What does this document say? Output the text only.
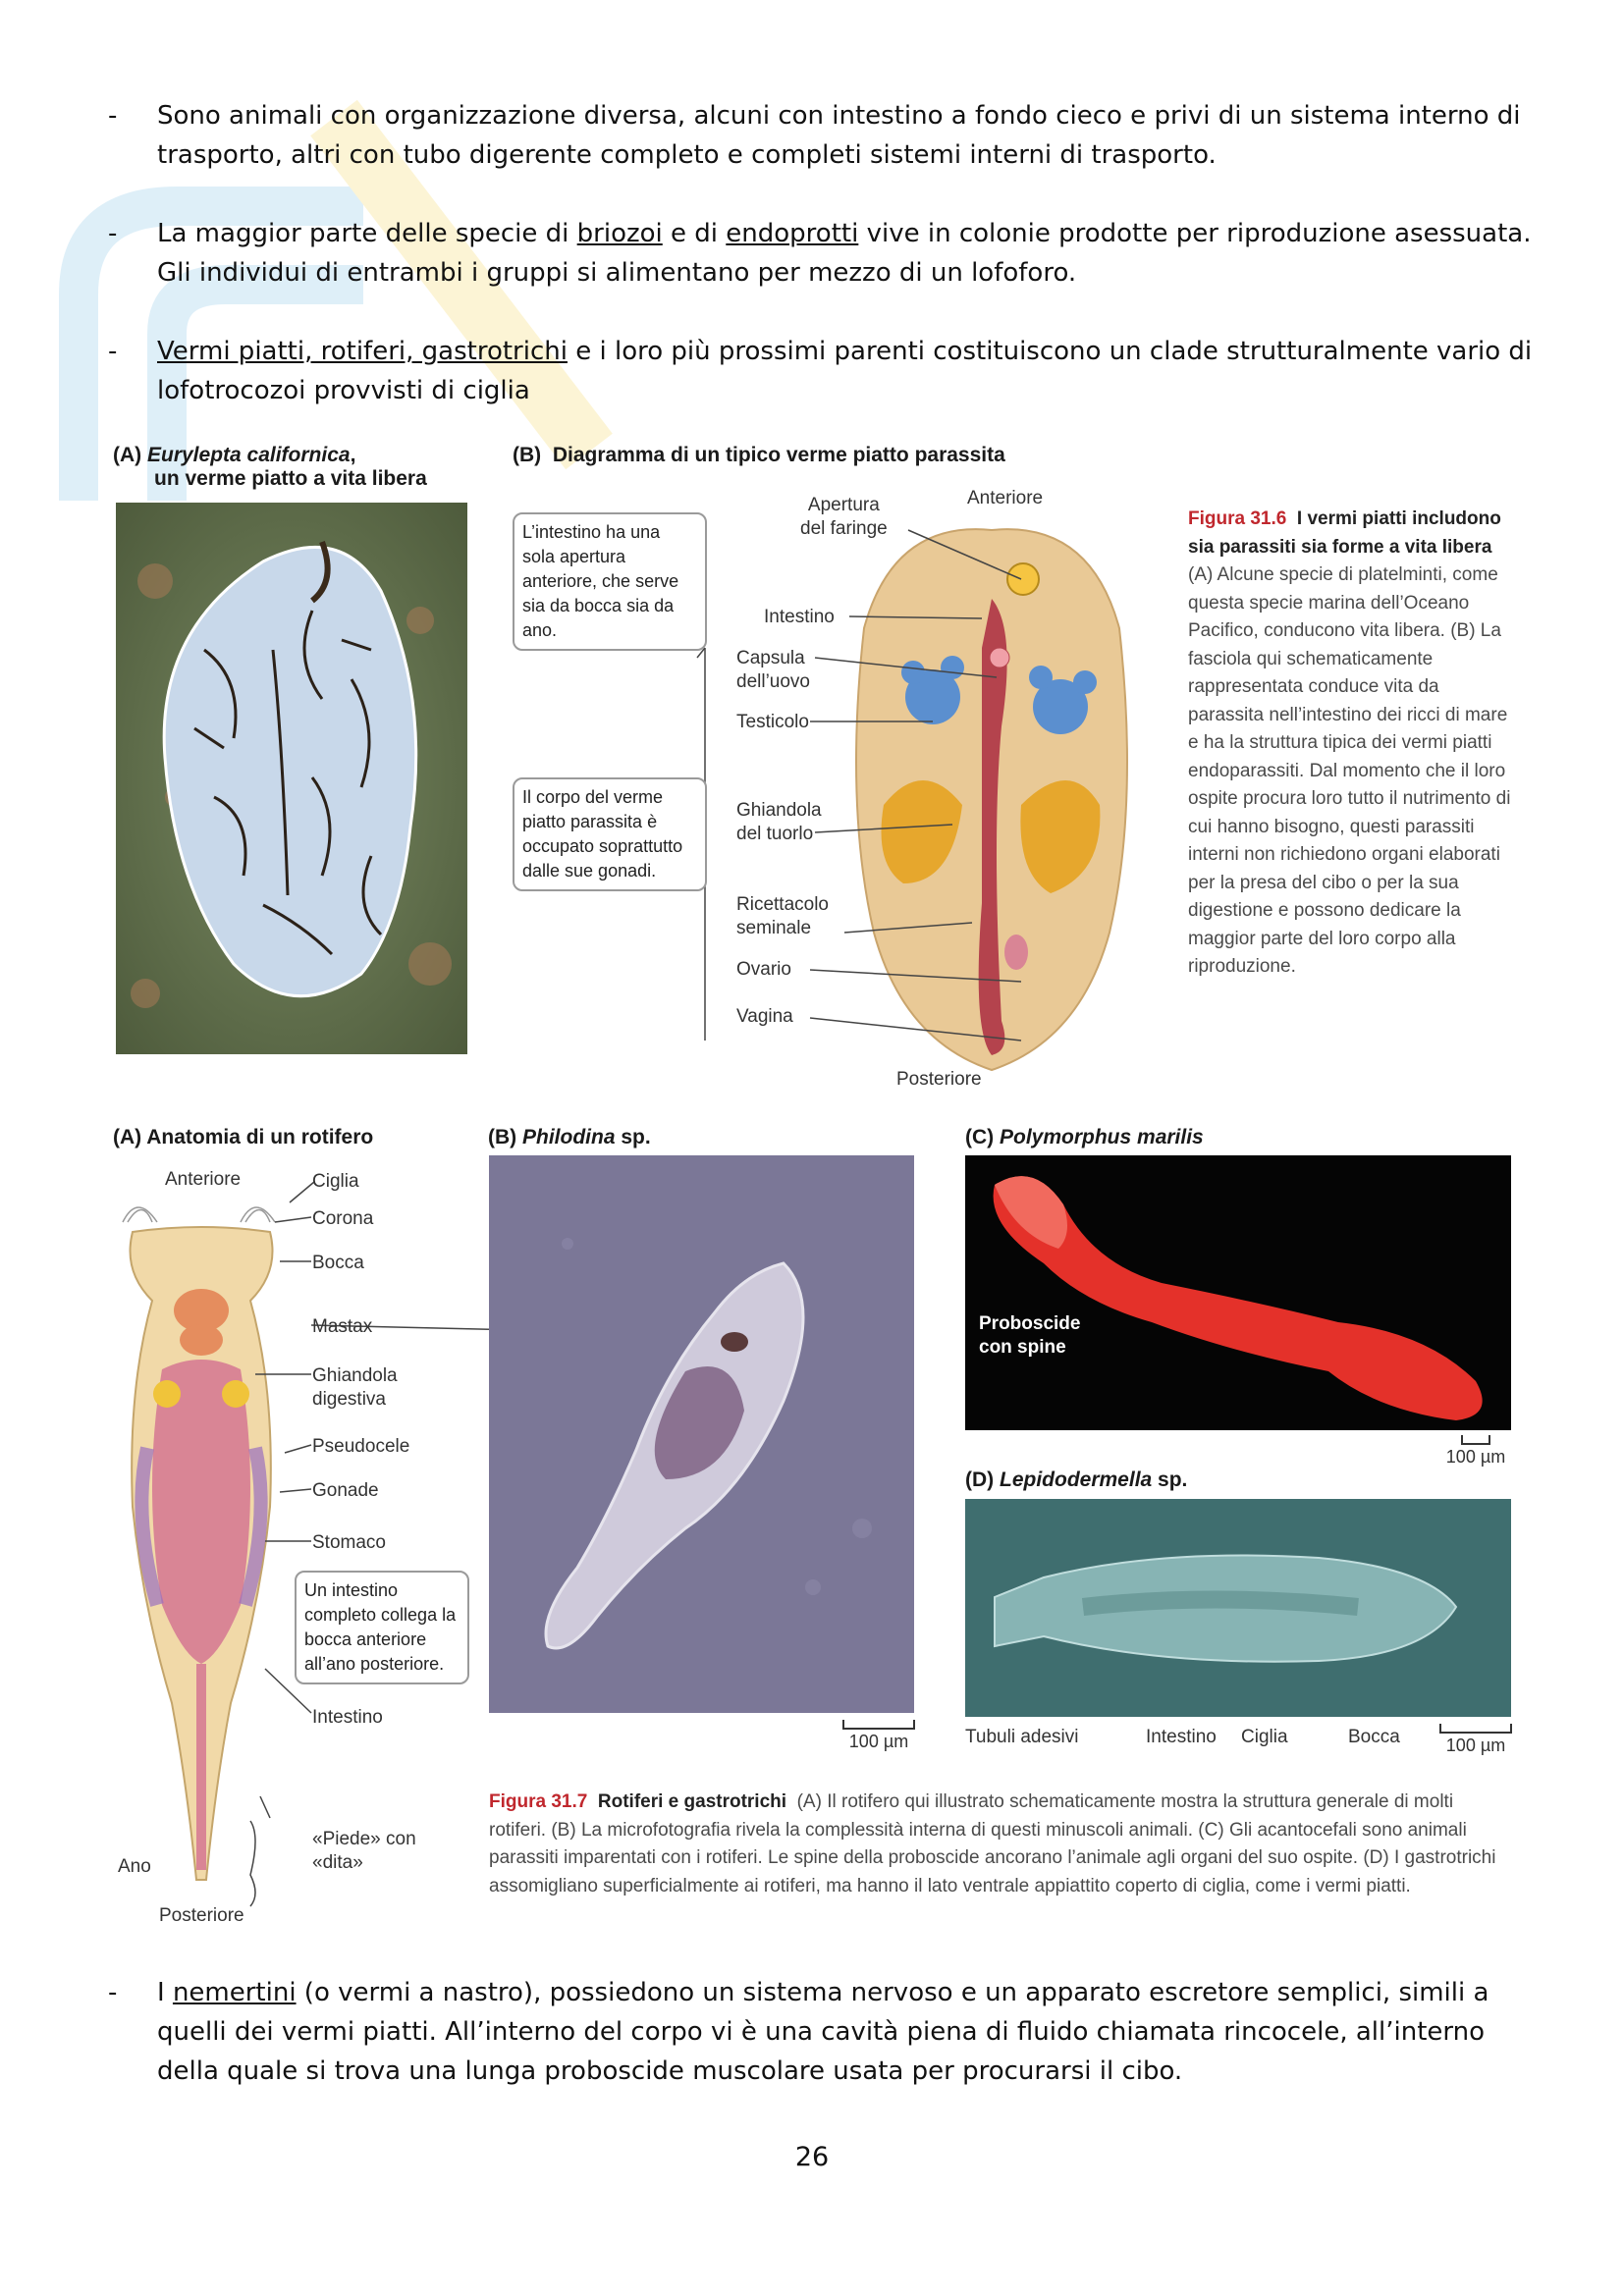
- Sono animali con organizzazione diversa, alcuni con intestino a fondo cieco e privi di un sistema interno di trasporto, altri con tubo digerente completo e completi sistemi interni di trasporto.
- La maggior parte delle specie di briozoi e di endoprotti vive in colonie prodotte per riproduzione asessuata. Gli individui di entrambi i gruppi si alimentano per mezzo di un lofoforo.
- Vermi piatti, rotiferi, gastrotrichi e i loro più prossimi parenti costituiscono un clade strutturalmente vario di lofotrocozoi provvisti di ciglia
(A) Eurylepta californica,
un verme piatto a vita libera
(B) Diagramma di un tipico verme piatto parassita
Anteriore
Apertura
del faringe
Intestino
Capsula
dell’uovo
Testicolo
Ghiandola
del tuorlo
Ricettacolo
seminale
Ovario
Vagina
Posteriore
L’intestino ha una sola apertura anteriore, che serve sia da bocca sia da ano.
Il corpo del verme piatto parassita è occupato soprattutto dalle sue gonadi.
Figura 31.6 I vermi piatti includono sia parassiti sia forme a vita libera
(A) Alcune specie di platelminti, come questa specie marina dell’Oceano Pacifico, conducono vita libera. (B) La fasciola qui schematicamente rappresentata conduce vita da parassita nell’intestino dei ricci di mare e ha la struttura tipica dei vermi piatti endoparassiti. Dal momento che il loro ospite procura loro tutto il nutrimento di cui hanno bisogno, questi parassiti interni non richiedono organi elaborati per la presa del cibo o per la sua digestione e possono dedicare la maggior parte del loro corpo alla riproduzione.
(A) Anatomia di un rotifero	(B) Philodina sp.	(C) Polymorphus marilis
(D) Lepidodermella sp.
Anteriore	Ciglia
Corona
Bocca
Mastax
Ghiandola
digestiva
Pseudocele
Gonade
Stomaco
Intestino
«Piede» con
«dita»
Ano
Posteriore
Un intestino completo collega la bocca anteriore all’ano posteriore.
100 µm
Proboscide
con spine
100 µm
Tubuli adesivi	Intestino Ciglia	Bocca	100 µm
Figura 31.7 Rotiferi e gastrotrichi (A) Il rotifero qui illustrato schematicamente mostra la struttura generale di molti rotiferi. (B) La microfotografia rivela la complessità interna di questi minuscoli animali. (C) Gli acantocefali sono animali parassiti imparentati con i rotiferi. Le spine della proboscide ancorano l’animale agli organi del suo ospite. (D) I gastrotrichi assomigliano superficialmente ai rotiferi, ma hanno il lato ventrale appiattito coperto di ciglia, come i vermi piatti.
- I nemertini (o vermi a nastro), possiedono un sistema nervoso e un apparato escretore semplici, simili a quelli dei vermi piatti. All’interno del corpo vi è una cavità piena di fluido chiamata rincocele, all’interno della quale si trova una lunga proboscide muscolare usata per procurarsi il cibo.
26
